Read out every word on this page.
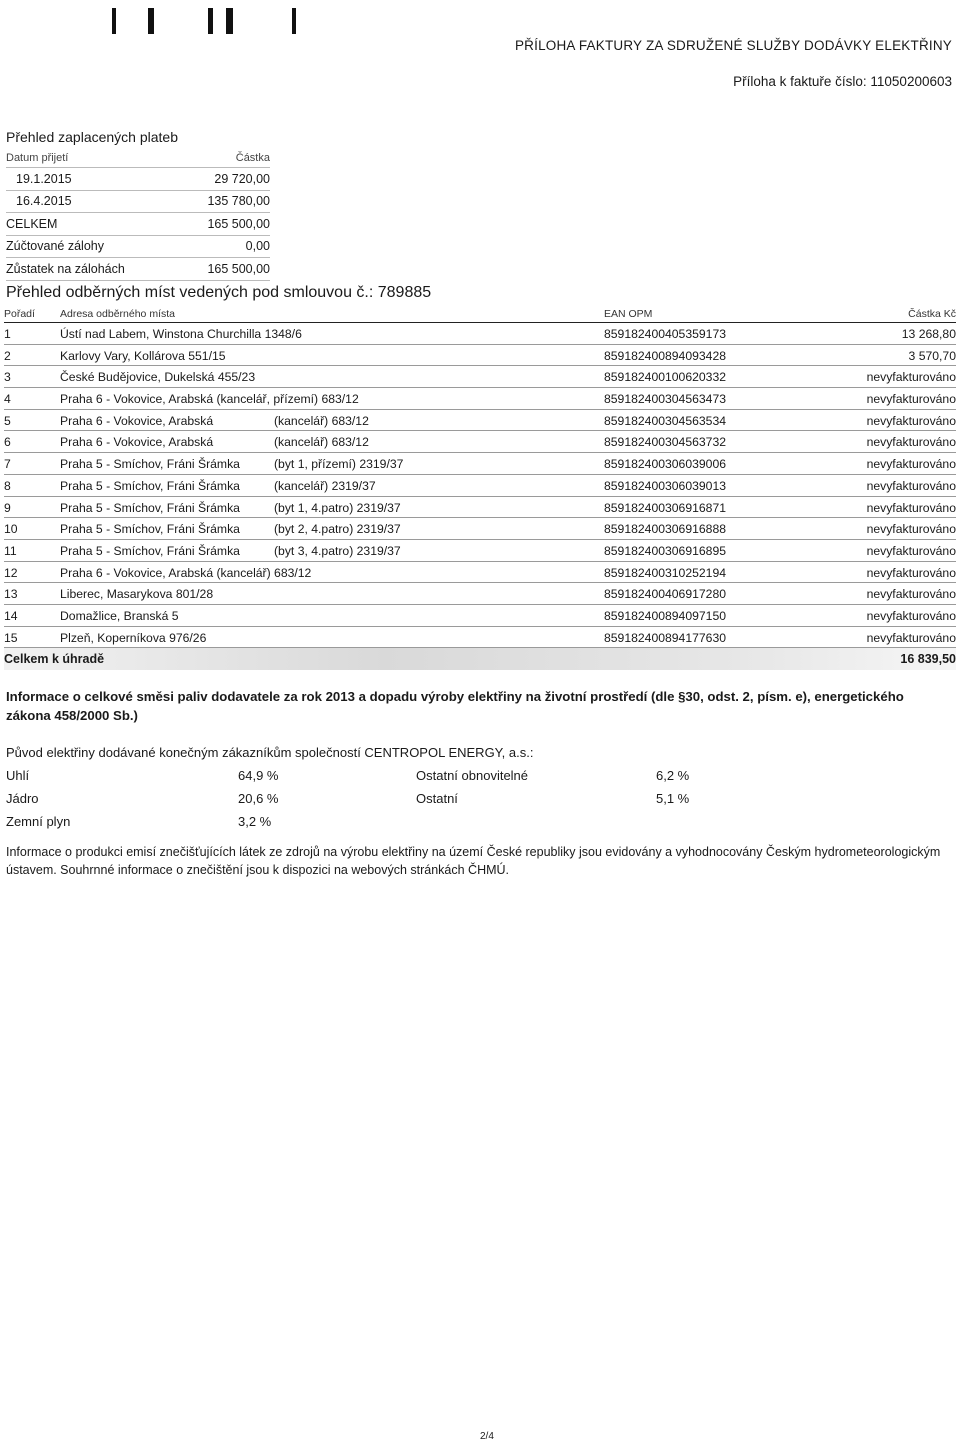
PŘÍLOHA FAKTURY ZA SDRUŽENÉ SLUŽBY DODÁVKY ELEKTŘINY
Příloha k faktuře číslo: 11050200603
Přehled zaplacených plateb
Datum přijetí	Částka
19.1.2015	29 720,00
16.4.2015	135 780,00
CELKEM	165 500,00
Zúčtované zálohy	0,00
Zůstatek na zálohách	165 500,00
Přehled odběrných míst vedených pod smlouvou č.: 789885
Pořadí Adresa odběrného místa	EAN OPM	Částka Kč
1	Ústí nad Labem, Winstona Churchilla 1348/6	859182400405359173	13 268,80
2	Karlovy Vary, Kollárova 551/15	859182400894093428	3 570,70
3	České Budějovice, Dukelská 455/23	859182400100620332	nevyfakturováno
4	Praha 6 - Vokovice, Arabská (kancelář, přízemí) 683/12	859182400304563473	nevyfakturováno
5	Praha 6 - Vokovice, Arabská	(kancelář) 683/12	859182400304563534	nevyfakturováno
6	Praha 6 - Vokovice, Arabská	(kancelář) 683/12	859182400304563732	nevyfakturováno
7	Praha 5 - Smíchov, Fráni Šrámka	(byt 1, přízemí) 2319/37	859182400306039006	nevyfakturováno
8	Praha 5 - Smíchov, Fráni Šrámka	(kancelář) 2319/37	859182400306039013	nevyfakturováno
9	Praha 5 - Smíchov, Fráni Šrámka	(byt 1, 4.patro) 2319/37	859182400306916871	nevyfakturováno
10	Praha 5 - Smíchov, Fráni Šrámka	(byt 2, 4.patro) 2319/37	859182400306916888	nevyfakturováno
11	Praha 5 - Smíchov, Fráni Šrámka	(byt 3, 4.patro) 2319/37	859182400306916895	nevyfakturováno
12	Praha 6 - Vokovice, Arabská (kancelář) 683/12	859182400310252194	nevyfakturováno
13	Liberec, Masarykova 801/28	859182400406917280	nevyfakturováno
14	Domažlice, Branská 5	859182400894097150	nevyfakturováno
15	Plzeň, Koperníkova 976/26	859182400894177630	nevyfakturováno
Celkem k úhradě	16 839,50
Informace o celkové směsi paliv dodavatele za rok 2013 a dopadu výroby elektřiny na životní prostředí (dle §30, odst. 2, písm. e), energetického zákona 458/2000 Sb.)
Původ elektřiny dodávané konečným zákazníkům společností CENTROPOL ENERGY, a.s.:
Uhlí	64,9 %	Ostatní obnovitelné	6,2 %
Jádro	20,6 %	Ostatní	5,1 %
Zemní plyn	3,2 %
Informace o produkci emisí znečišťujících látek ze zdrojů na výrobu elektřiny na území České republiky jsou evidovány a vyhodnocovány Českým hydrometeorologickým ústavem. Souhrnné informace o znečištění jsou k dispozici na webových stránkách ČHMÚ.
2/4
